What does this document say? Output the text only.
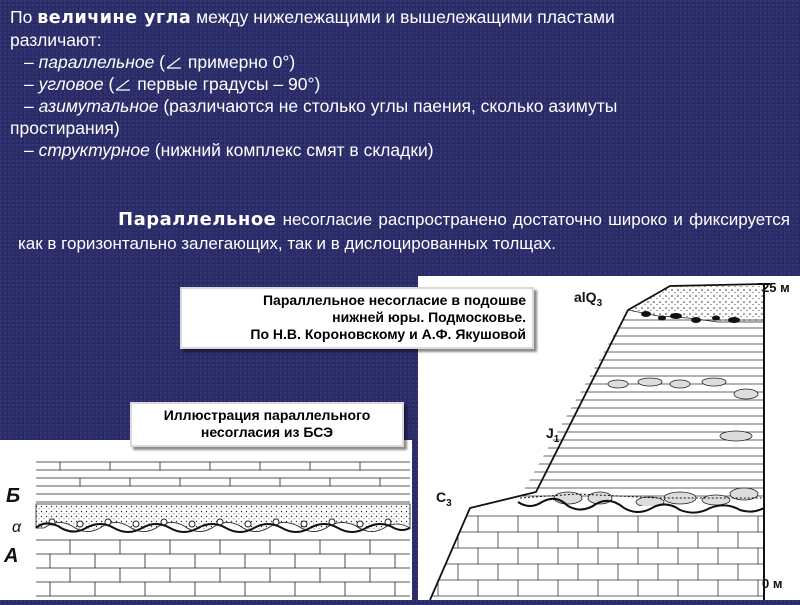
По величине угла между нижележащими и вышележащими пластами
различают:
– параллельное ( примерно 0°)
– угловое ( первые градусы – 90°)
– азимутальное (различаются не столько углы паения, сколько азимуты
простирания)
– структурное (нижний комплекс смят в складки)
Параллельное несогласие распространено достаточно широко и фиксируется как в горизонтально залегающих, так и в дислоцированных толщах.
25 м
0 м
alQ$_3$
$J_1$
$C_3$
Б
α
А
Параллельное несогласие в подошве
нижней юры. Подмосковье.
По Н.В. Короновскому и А.Ф. Якушовой
Иллюстрация параллельного
несогласия из БСЭ
